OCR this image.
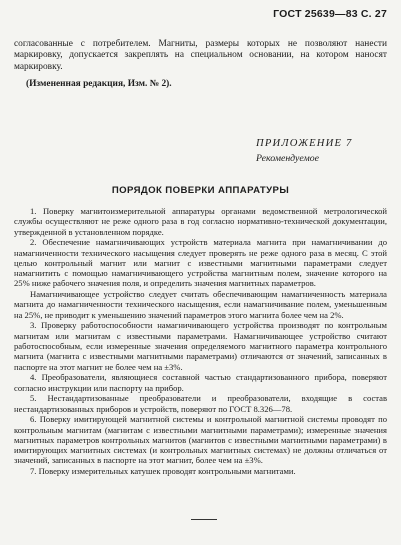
ГОСТ 25639—83 С. 27

согласованные с потребителем. Магниты, размеры которых не позволяют нанести маркировку, допускается закреплять на специальном основании, на котором наносят маркировку.

(Измененная редакция, Изм. № 2).
ПРИЛОЖЕНИЕ 7
Рекомендуемое
ПОРЯДОК ПОВЕРКИ АППАРАТУРЫ

1. Поверку магнитоизмерительной аппаратуры органами ведомственной метрологической службы осуществляют не реже одного раза в год согласно нормативно-технической документации, утвержденной в установленном порядке.

2. Обеспечение намагничивающих устройств материала магнита при намагничивании до намагниченности технического насыщения следует проверять не реже одного раза в месяц. С этой целью контрольный магнит или магнит с известными магнитными параметрами следует намагнитить с помощью намагничивающего устройства магнитным полем, значение которого на 25% ниже рабочего значения поля, и определить значения магнитных параметров.

Намагничивающее устройство следует считать обеспечивающим намагниченность материала магнита до намагниченности технического насыщения, если намагничивание полем, уменьшенным на 25%, не приводит к уменьшению значений параметров этого магнита более чем на 2%.

3. Проверку работоспособности намагничивающего устройства производят по контрольным магнитам или магнитам с известными параметрами. Намагничивающее устройство считают работоспособным, если измеренные значения определяемого магнитного параметра контрольного магнита (магнита с известными магнитными параметрами) отличаются от значений, записанных в паспорте на этот магнит не более чем на ±3%.

4. Преобразователи, являющиеся составной частью стандартизованного прибора, поверяют согласно инструкции или паспорту на прибор.

5. Нестандартизованные преобразователи и преобразователи, входящие в состав нестандартизованных приборов и устройств, поверяют по ГОСТ 8.326—78.

6. Поверку имитирующей магнитной системы и контрольной магнитной системы проводят по контрольным магнитам (магнитам с известными магнитными параметрами); измеренные значения магнитных параметров контрольных магнитов (магнитов с известными магнитными параметрами) в имитирующих магнитных системах (и контрольных магнитных системах) не должны отличаться от значений, записанных в паспорте на этот магнит, более чем на ±3%.

7. Поверку измерительных катушек проводят контрольными магнитами.
